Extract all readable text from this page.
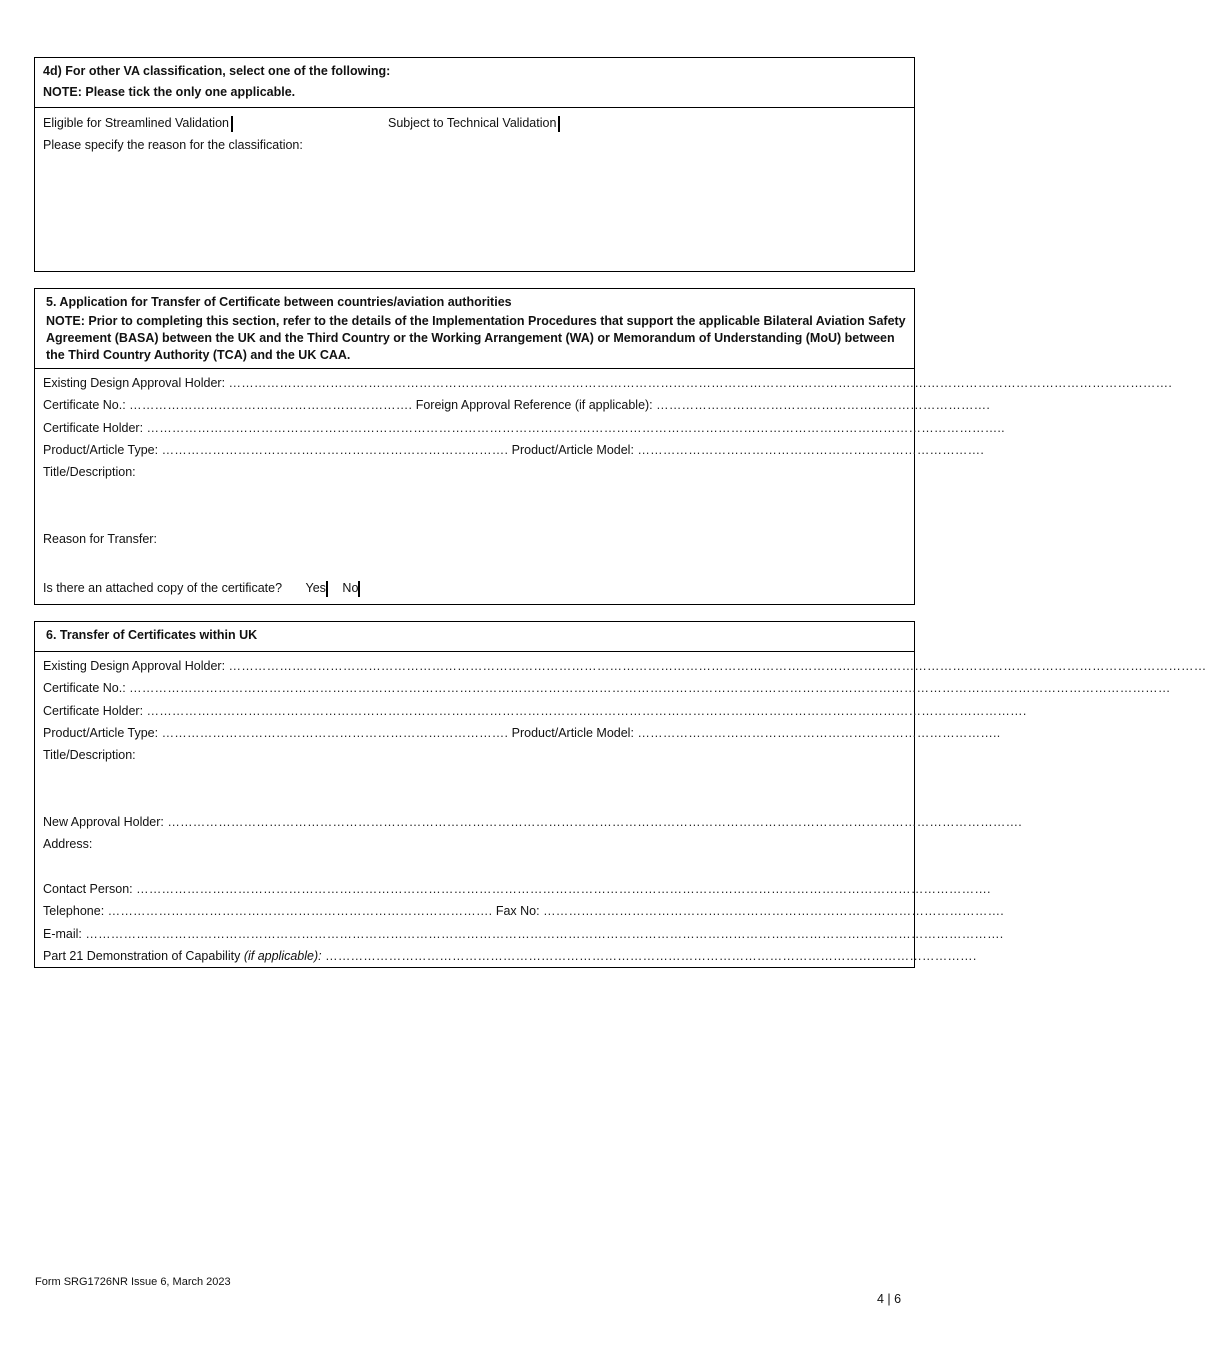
4d) For other VA classification, select one of the following:
NOTE: Please tick the only one applicable.
Eligible for Streamlined Validation	Subject to Technical Validation
Please specify the reason for the classification:
5. Application for Transfer of Certificate between countries/aviation authorities
NOTE: Prior to completing this section, refer to the details of the Implementation Procedures that support the applicable Bilateral Aviation Safety Agreement (BASA) between the UK and the Third Country or the Working Arrangement (WA) or Memorandum of Understanding (MoU) between the Third Country Authority (TCA) and the UK CAA.
Existing Design Approval Holder: …………………………………………………………………………………………………………………………………………………………………………………………………….
Certificate No.: …………………………………………………………. Foreign Approval Reference (if applicable): …………………………………………………………………….
Certificate Holder: …………………………………………………………………………………………………………………………………………………………………………………..
Product/Article Type: ………………………………………………………………………. Product/Article Model: ……………………………………………………………………….
Title/Description:
Reason for Transfer:
Is there an attached copy of the certificate? Yes No
6. Transfer of Certificates within UK
Existing Design Approval Holder: ……………………………………………………………………………………………………………………………………………………………………………………………………………
Certificate No.: …………………………………………………………………………………………………………………………………………………………………………………………………………………………
Certificate Holder: ……………………………………………………………………………………………………………………………………………………………………………………….
Product/Article Type: ………………………………………………………………………. Product/Article Model: …………………………………………………………………………..
Title/Description:
New Approval Holder: ………………………………………………………………………………………………………………………………………………………………………………….
Address:
Contact Person: ………………………………………………………………………………………………………………………………………………………………………………….
Telephone: ………………………………………………………………………………. Fax No: ……………………………………………………………………………………………….
E-mail: ……………………………………………………………………………………………………………………………………………………………………………………………….
Part 21 Demonstration of Capability (if applicable): ……………………………………………………………………………………………………………………………………….
Form SRG1726NR Issue 6, March 2023
4 | 6
